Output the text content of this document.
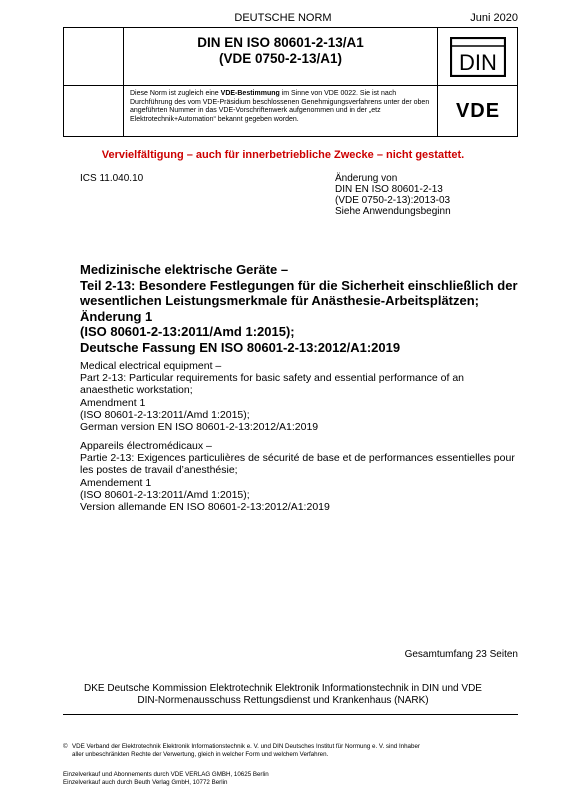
DEUTSCHE NORM	Juni 2020
DIN EN ISO 80601-2-13/A1
(VDE 0750-2-13/A1)	DIN
Diese Norm ist zugleich eine VDE-Bestimmung im Sinne von VDE 0022. Sie ist nach Durchführung des vom VDE-Präsidium beschlossenen Genehmigungsverfahrens unter der oben angeführten Nummer in das VDE-Vorschriftenwerk aufgenommen und in der „etz Elektrotechnik+Automation“ bekannt gegeben worden.	VDE
Vervielfältigung – auch für innerbetriebliche Zwecke – nicht gestattet.
ICS 11.040.10	Änderung von
DIN EN ISO 80601-2-13
(VDE 0750-2-13):2013-03
Siehe Anwendungsbeginn
Medizinische elektrische Geräte –
Teil 2-13: Besondere Festlegungen für die Sicherheit einschließlich der
wesentlichen Leistungsmerkmale für Anästhesie-Arbeitsplätzen;
Änderung 1
(ISO 80601-2-13:2011/Amd 1:2015);
Deutsche Fassung EN ISO 80601-2-13:2012/A1:2019
Medical electrical equipment –
Part 2-13: Particular requirements for basic safety and essential performance of an
anaesthetic workstation;
Amendment 1
(ISO 80601-2-13:2011/Amd 1:2015);
German version EN ISO 80601-2-13:2012/A1:2019
Appareils électromédicaux –
Partie 2-13: Exigences particulières de sécurité de base et de performances essentielles pour
les postes de travail d’anesthésie;
Amendement 1
(ISO 80601-2-13:2011/Amd 1:2015);
Version allemande EN ISO 80601-2-13:2012/A1:2019
Gesamtumfang 23 Seiten
DKE Deutsche Kommission Elektrotechnik Elektronik Informationstechnik in DIN und VDE
DIN-Normenausschuss Rettungsdienst und Krankenhaus (NARK)
© VDE Verband der Elektrotechnik Elektronik Informationstechnik e. V. und DIN Deutsches Institut für Normung e. V. sind Inhaber
aller unbeschränkten Rechte der Verwertung, gleich in welcher Form und welchem Verfahren.
Einzelverkauf und Abonnements durch VDE VERLAG GMBH, 10625 Berlin
Einzelverkauf auch durch Beuth Verlag GmbH, 10772 Berlin
